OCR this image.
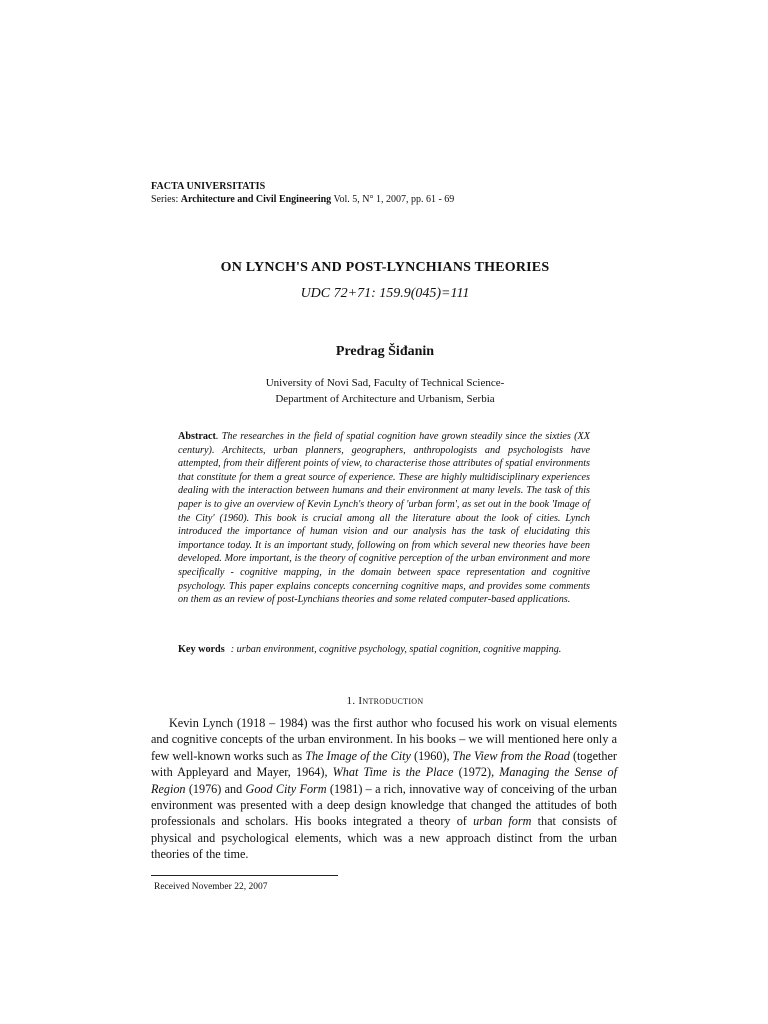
FACTA UNIVERSITATIS
Series: Architecture and Civil Engineering Vol. 5, N° 1, 2007, pp. 61 - 69
ON LYNCH'S AND POST-LYNCHIANS THEORIES
UDC 72+71: 159.9(045)=111
Predrag Šiđanin
University of Novi Sad, Faculty of Technical Science-
Department of Architecture and Urbanism, Serbia
Abstract. The researches in the field of spatial cognition have grown steadily since the sixties (XX century). Architects, urban planners, geographers, anthropologists and psychologists have attempted, from their different points of view, to characterise those attributes of spatial environments that constitute for them a great source of experience. These are highly multidisciplinary experiences dealing with the interaction between humans and their environment at many levels. The task of this paper is to give an overview of Kevin Lynch's theory of 'urban form', as set out in the book 'Image of the City' (1960). This book is crucial among all the literature about the look of cities. Lynch introduced the importance of human vision and our analysis has the task of elucidating this importance today. It is an important study, following on from which several new theories have been developed. More important, is the theory of cognitive perception of the urban environment and more specifically - cognitive mapping, in the domain between space representation and cognitive psychology. This paper explains concepts concerning cognitive maps, and provides some comments on them as an review of post-Lynchians theories and some related computer-based applications.
Key words : urban environment, cognitive psychology, spatial cognition, cognitive mapping.
1. Introduction
Kevin Lynch (1918 – 1984) was the first author who focused his work on visual elements and cognitive concepts of the urban environment. In his books – we will mentioned here only a few well-known works such as The Image of the City (1960), The View from the Road (together with Appleyard and Mayer, 1964), What Time is the Place (1972), Managing the Sense of Region (1976) and Good City Form (1981) – a rich, innovative way of conceiving of the urban environment was presented with a deep design knowledge that changed the attitudes of both professionals and scholars. His books integrated a theory of urban form that consists of physical and psychological elements, which was a new approach distinct from the urban theories of the time.
Received November 22, 2007
